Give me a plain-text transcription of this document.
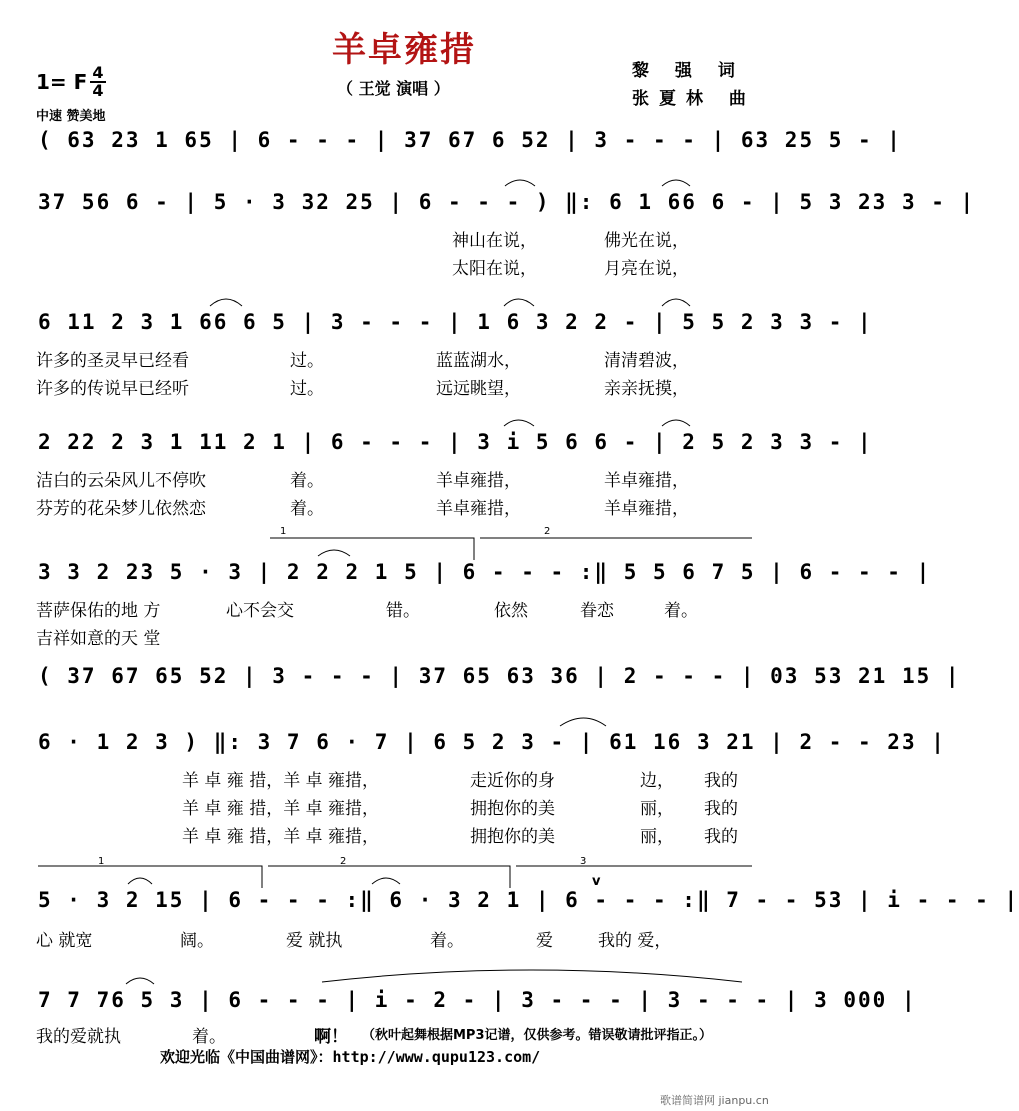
羊卓雍措
（ 王觉 演唱 ）
黎 强 词
张夏林 曲
1= F 4
4
中速 赞美地
( 63 23 1 65 | 6 - - - | 37 67 6 52 | 3 - - - | 63 25 5 - |
37 56 6 - | 5 · 3 32 25 | 6 - - - ) ‖: 6 1 66 6 - | 5 3 23 3 - |
神山在说，	佛光在说，
太阳在说，	月亮在说，
6 11 2 3 1 66 6 5 | 3 - - - | 1 6 3 2 2 - | 5 5 2 3 3 - |
许多的圣灵早已经看	过。	蓝蓝湖水，	清清碧波，
许多的传说早已经听	过。	远远眺望，	亲亲抚摸，
2 22 2 3 1 11 2 1 | 6 - - - | 3 i 5 6 6 - | 2 5 2 3 3 - |
洁白的云朵风儿不停吹	着。	羊卓雍措，	羊卓雍措，
芬芳的花朵梦儿依然恋	着。	羊卓雍措，	羊卓雍措，
1	2
3 3 2 23 5 · 3 | 2 2 2 1 5 | 6 - - - :‖ 5 5 6 7 5 | 6 - - - |
菩萨保佑的地 方	心不会交	错。	依然	眷恋	着。
吉祥如意的天 堂
( 37 67 65 52 | 3 - - - | 37 65 63 36 | 2 - - - | 03 53 21 15 |
6 · 1 2 3 ) ‖: 3 7 6 · 7 | 6 5 2 3 - | 61 16 3 21 | 2 - - 23 |
羊 卓 雍 措，羊 卓 雍措，	走近你的身	边， 我的
羊 卓 雍 措，羊 卓 雍措，	拥抱你的美	丽， 我的
羊 卓 雍 措，羊 卓 雍措，	拥抱你的美	丽， 我的
1	2	3
v
5 · 3 2 15 | 6 - - - :‖ 6 · 3 2 1 | 6 - - - :‖ 7 - - 53 | i - - - |
心 就宽	阔。	爱 就执	着。	爱	我的 爱，
7 7 76 5 3 | 6 - - - | i - 2 - | 3 - - - | 3 - - - | 3 000 |
我的爱就执	着。	啊！ （秋叶起舞根据MP3记谱，仅供参考。错误敬请批评指正。）
欢迎光临《中国曲谱网》：http://www.qupu123.com/
歌谱简谱网 jianpu.cn
